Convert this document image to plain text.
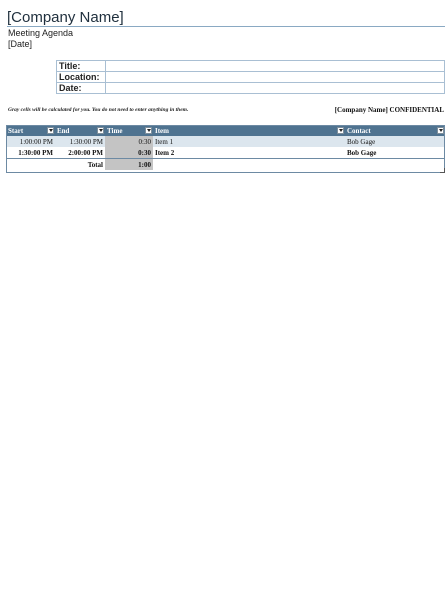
[Company Name]
Meeting Agenda
[Date]
Title:	
Location:	
Date:	
Gray cells will be calculated for you. You do not need to enter anything in them.	[Company Name] CONFIDENTIAL
Start	End	Time	Item	Contact

1:00:00 PM	1:30:00 PM	0:30	Item 1	Bob Gage
1:30:00 PM	2:00:00 PM	0:30	Item 2	Bob Gage
	Total	1:00		
